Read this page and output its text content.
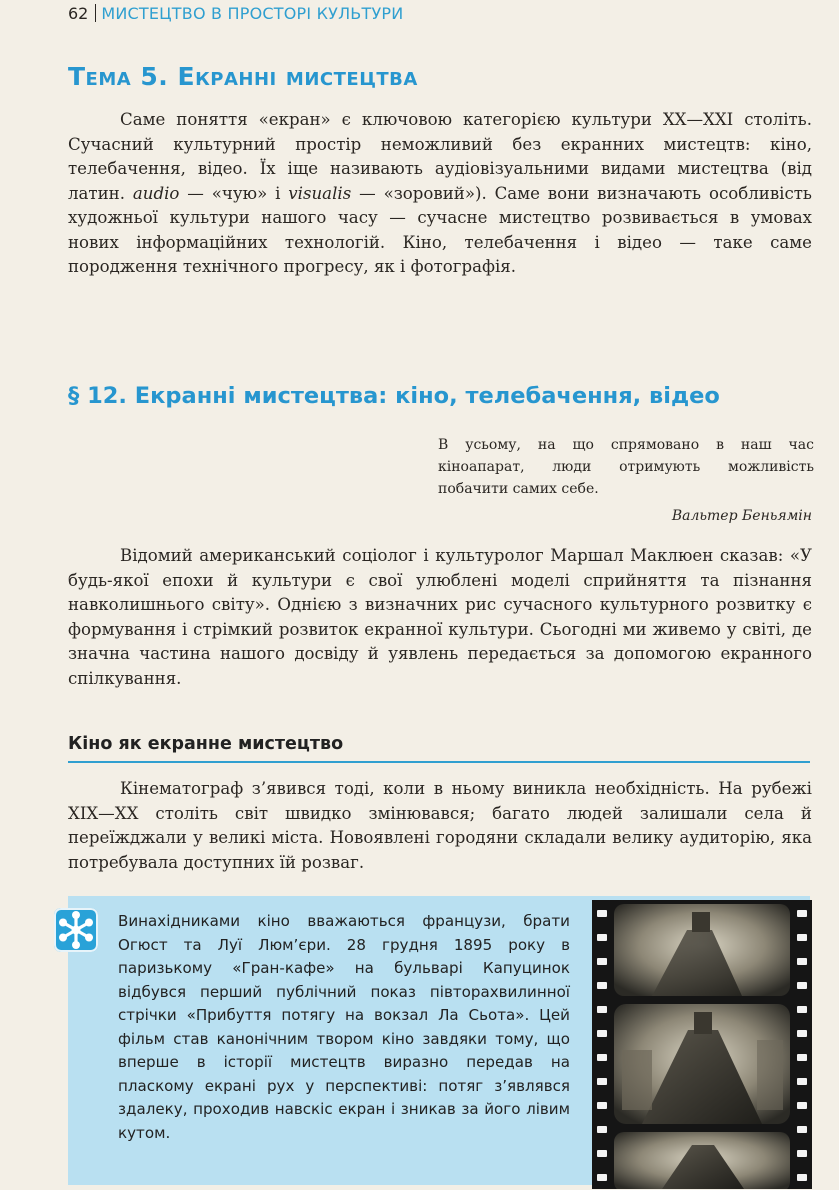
62 МИСТЕЦТВО В ПРОСТОРІ КУЛЬТУРИ
Тема 5. Екранні мистецтва

Саме поняття «екран» є ключовою категорією культури XX—XXI століть. Сучасний культурний простір неможливий без екранних мистецтв: кіно, телебачення, відео. Їх іще називають аудіовізуальними видами мистецтва (від латин. audio — «чую» і visualis — «зоровий»). Саме вони визначають особливість художньої культури нашого часу — сучасне мистецтво розвивається в умовах нових інформаційних технологій. Кіно, телебачення і відео — таке саме породження технічного прогресу, як і фотографія.

§ 12. Екранні мистецтва: кіно, телебачення, відео

В усьому, на що спрямовано в наш час кіноапарат, люди отримують можливість побачити самих себе.

Вальтер Беньямін

Відомий американський соціолог і культуролог Маршал Маклюен сказав: «У будь-якої епохи й культури є свої улюблені моделі сприйняття та пізнання навколишнього світу». Однією з визначних рис сучасного культурного розвитку є формування і стрімкий розвиток екранної культури. Сьогодні ми живемо у світі, де значна частина нашого досвіду й уявлень передається за допомогою екранного спілкування.

Кіно як екранне мистецтво

Кінематограф з’явився тоді, коли в ньому виникла необхідність. На рубежі XIX—XX століть світ швидко змінювався; багато людей залишали села й переїжджали у великі міста. Новоявлені городяни складали велику аудиторію, яка потребувала доступних їй розваг.

Винахідниками кіно вважаються французи, брати Огюст та Луї Люм’єри. 28 грудня 1895 року в паризькому «Гран-кафе» на бульварі Капуцинок відбувся перший публічний показ півторахвилинної стрічки «Прибуття потягу на вокзал Ла Сьота». Цей фільм став канонічним твором кіно завдяки тому, що вперше в історії мистецтв виразно передав на пласкому екрані рух у перспективі: потяг з’являвся здалеку, проходив навскіс екран і зникав за його лівим кутом.
